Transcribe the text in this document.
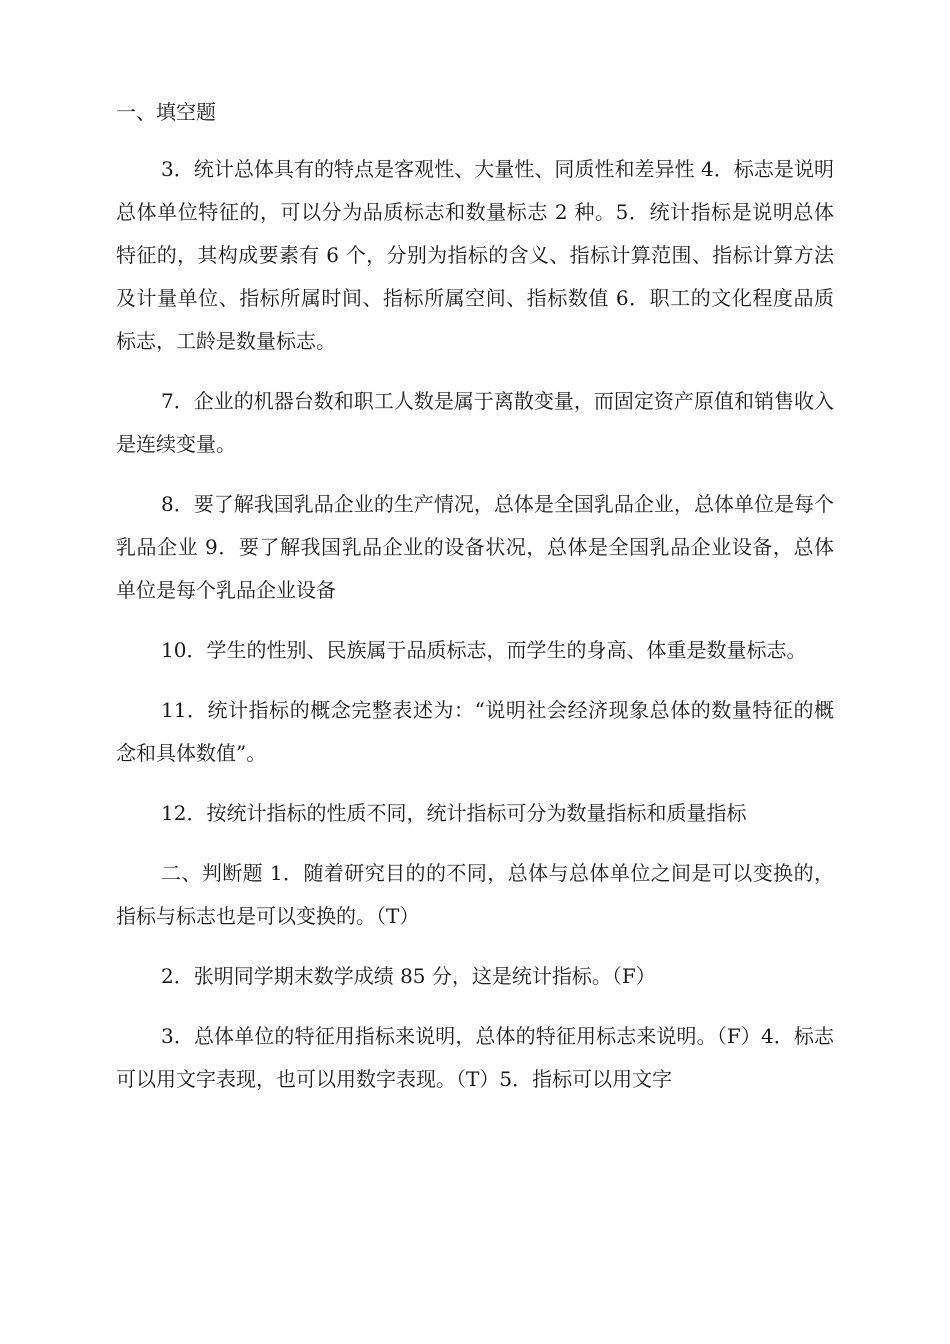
一、填空题

3．统计总体具有的特点是客观性、大量性、同质性和差异性 4．标志是说明总体单位特征的，可以分为品质标志和数量标志 2 种。5．统计指标是说明总体特征的，其构成要素有 6 个，分别为指标的含义、指标计算范围、指标计算方法及计量单位、指标所属时间、指标所属空间、指标数值 6．职工的文化程度品质标志，工龄是数量标志。

7．企业的机器台数和职工人数是属于离散变量，而固定资产原值和销售收入是连续变量。

8．要了解我国乳品企业的生产情况，总体是全国乳品企业，总体单位是每个乳品企业 9．要了解我国乳品企业的设备状况，总体是全国乳品企业设备，总体单位是每个乳品企业设备

10．学生的性别、民族属于品质标志，而学生的身高、体重是数量标志。

11．统计指标的概念完整表述为：“说明社会经济现象总体的数量特征的概念和具体数值”。

12．按统计指标的性质不同，统计指标可分为数量指标和质量指标

二、判断题 1．随着研究目的的不同，总体与总体单位之间是可以变换的，指标与标志也是可以变换的。（T）

2．张明同学期末数学成绩 85 分，这是统计指标。（F）

3．总体单位的特征用指标来说明，总体的特征用标志来说明。（F）4．标志可以用文字表现，也可以用数字表现。（T）5．指标可以用文字
